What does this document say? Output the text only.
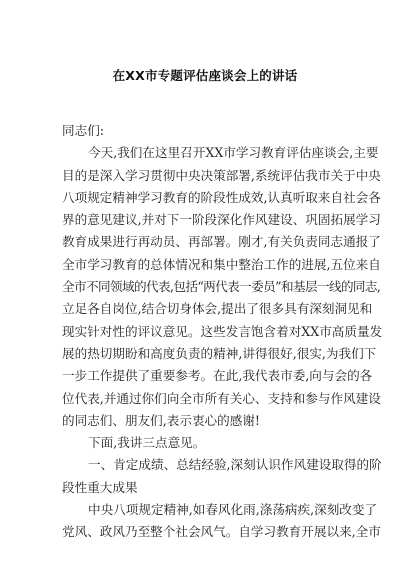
在XX市专题评估座谈会上的讲话
同志们:
今天,我们在这里召开XX市学习教育评估座谈会,主要
目的是深入学习贯彻中央决策部署,系统评估我市关于中央
八项规定精神学习教育的阶段性成效,认真听取来自社会各
界的意见建议,并对下一阶段深化作风建设、巩固拓展学习
教育成果进行再动员、再部署。刚才,有关负责同志通报了
全市学习教育的总体情况和集中整治工作的进展,五位来自
全市不同领域的代表,包括“两代表一委员”和基层一线的同志,
立足各自岗位,结合切身体会,提出了很多具有深刻洞见和
现实针对性的评议意见。这些发言饱含着对XX市高质量发
展的热切期盼和高度负责的精神,讲得很好,很实,为我们下
一步工作提供了重要参考。在此,我代表市委,向与会的各
位代表,并通过你们向全市所有关心、支持和参与作风建设
的同志们、朋友们,表示衷心的感谢!
下面,我讲三点意见。
一、肯定成绩、总结经验,深刻认识作风建设取得的阶
段性重大成果
中央八项规定精神,如春风化雨,涤荡病疾,深刻改变了
党风、政风乃至整个社会风气。自学习教育开展以来,全市
